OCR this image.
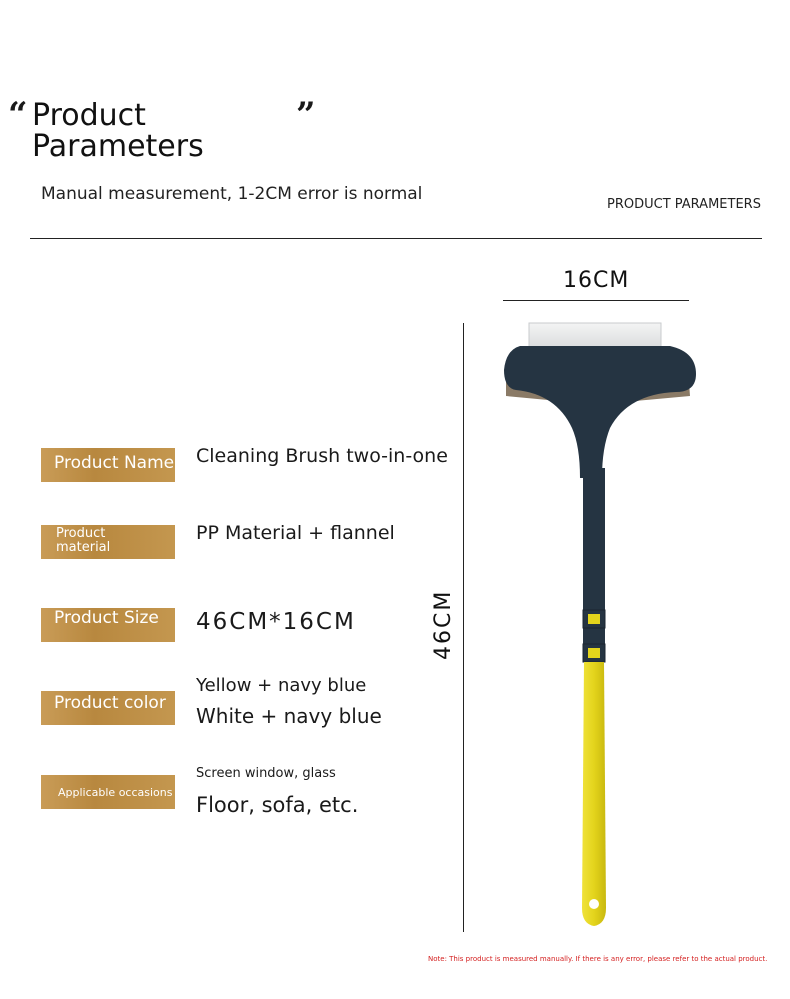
“ Product
Parameters
”
Manual measurement, 1-2CM error is normal
PRODUCT PARAMETERS
Product Name Cleaning Brush two-in-one
Product
material
PP Material + flannel
Product Size	46CM*16CM
Product color
Yellow + navy blue
White + navy blue
Applicable occasions
Screen window, glass
Floor, sofa, etc.
16CM
46CM
Note: This product is measured manually. If there is any error, please refer to the actual product.
